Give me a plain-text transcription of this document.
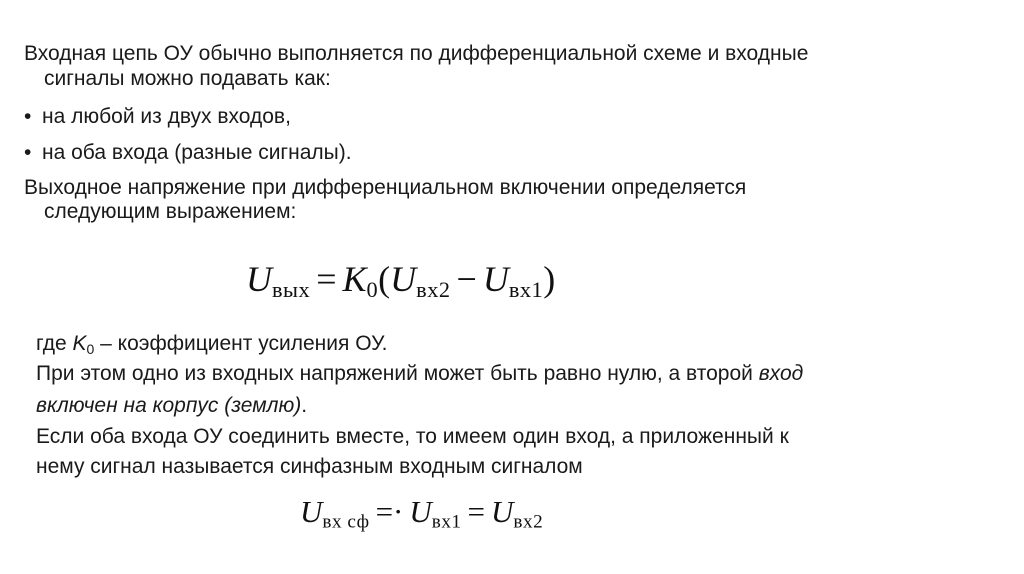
Входная цепь ОУ обычно выполняется по дифференциальной схеме и входные
сигналы можно подавать как:
• на любой из двух входов,
• на оба входа (разные сигналы).
Выходное напряжение при дифференциальном включении определяется
следующим выражением:
$U_{вых} = K_0(U_{вх2} - U_{вх1})$
где K0 – коэффициент усиления ОУ.
При этом одно из входных напряжений может быть равно нулю, а второй вход
включен на корпус (землю).
Если оба входа ОУ соединить вместе, то имеем один вход, а приложенный к
нему сигнал называется синфазным входным сигналом
$U_{вх сф} =\cdot U_{вх1} = U_{вх2}$
